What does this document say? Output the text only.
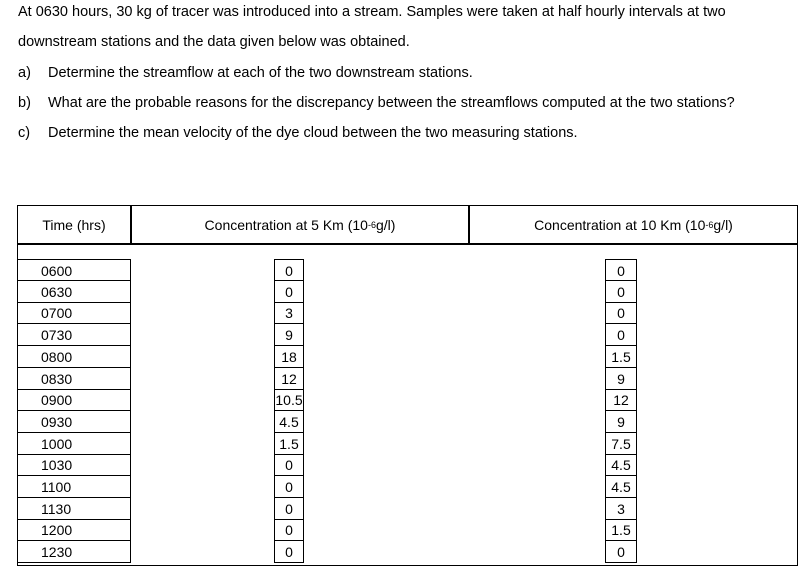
At 0630 hours, 30 kg of tracer was introduced into a stream. Samples were taken at half hourly intervals at two
downstream stations and the data given below was obtained.
a) Determine the streamflow at each of the two downstream stations.
b) What are the probable reasons for the discrepancy between the streamflows computed at the two stations?
c) Determine the mean velocity of the dye cloud between the two measuring stations.
Time (hrs)	Concentration at 5 Km (10 -6 g/l)	Concentration at 10 Km (10 -6 g/l)
0600	0	0
0630	0	0
0700	3	0
0730	9	0
0800	18	1.5
0830	12	9
0900	10.5	12
0930	4.5	9
1000	1.5	7.5
1030	0	4.5
1100	0	4.5
1130	0	3
1200	0	1.5
1230	0	0
